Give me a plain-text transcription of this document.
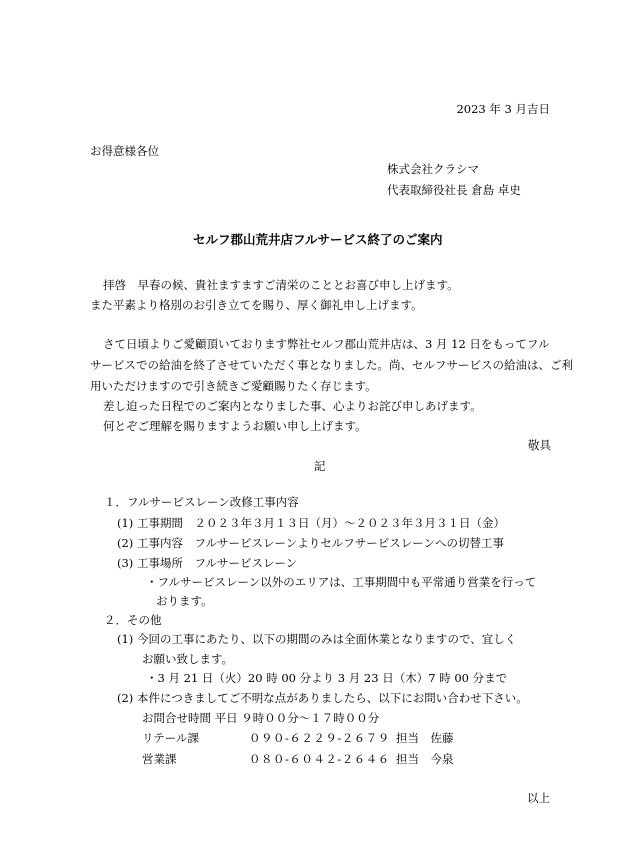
2023 年 3 月吉日
お得意様各位
株式会社クラシマ
代表取締役社長 倉島 卓史
セルフ郡山荒井店フルサービス終了のご案内
拝啓　早春の候、貴社ますますご清栄のこととお喜び申し上げます。
また平素より格別のお引き立てを賜り、厚く御礼申し上げます。
さて日頃よりご愛顧頂いております弊社セルフ郡山荒井店は、3 月 12 日をもってフル
サービスでの給油を終了させていただく事となりました。尚、セルフサービスの給油は、ご利
用いただけますので引き続きご愛顧賜りたく存じます。
差し迫った日程でのご案内となりました事、心よりお詫び申しあげます。
何とぞご理解を賜りますようお願い申し上げます。
敬具
記
１．フルサービスレーン改修工事内容
(1) 工事期間　２０２３年３月１３日（月）～２０２３年３月３１日（金）
(2) 工事内容　フルサービスレーンよりセルフサービスレーンへの切替工事
(3) 工事場所　フルサービスレーン
・フルサービスレーン以外のエリアは、工事期間中も平常通り営業を行って
おります。
２．その他
(1) 今回の工事にあたり、以下の期間のみは全面休業となりますので、宜しく
お願い致します。
・3 月 21 日（火）20 時 00 分より 3 月 23 日（木）7 時 00 分まで
(2) 本件につきましてご不明な点がありましたら、以下にお問い合わせ下さい。
お問合せ時間 平日 ９時００分～１７時００分
リテール課	０９０-６２２９-２６７９ 担当　佐藤
営業課	０８０-６０４２-２６４６ 担当　今泉
以上
